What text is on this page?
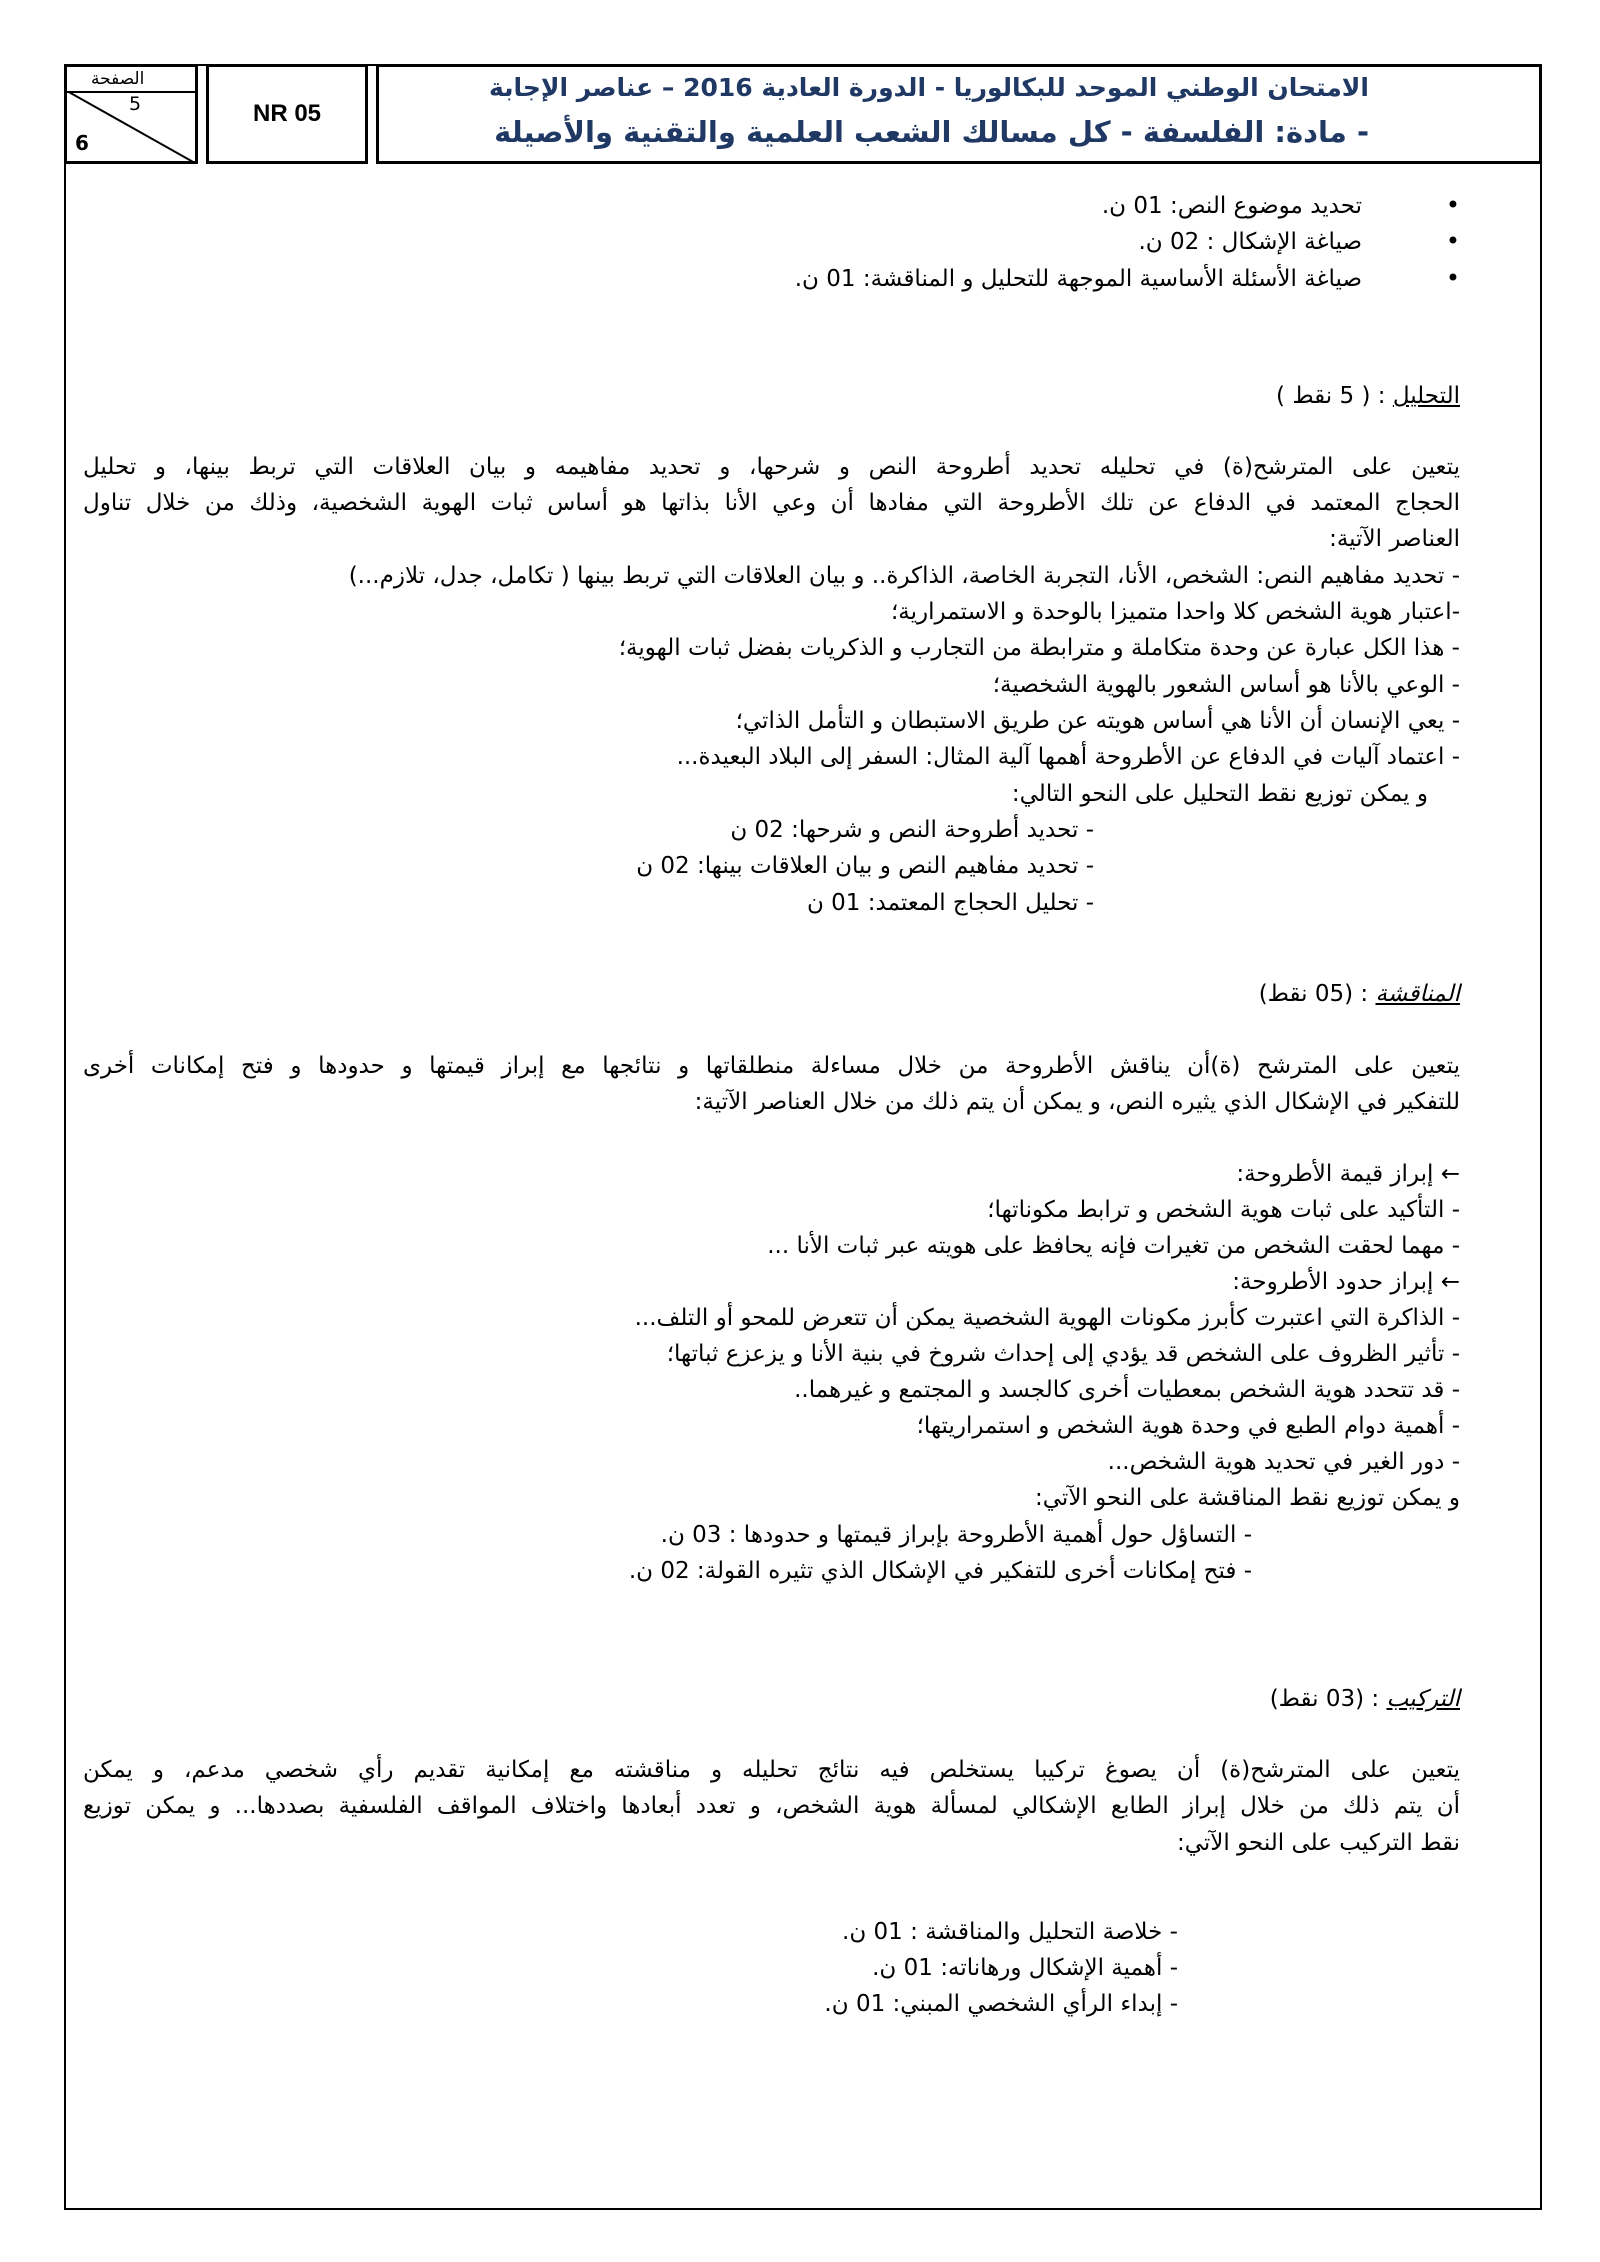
الصفحة
5
6
NR 05
الامتحان الوطني الموحد للبكالوريا - الدورة العادية 2016 – عناصر الإجابة
- مادة: الفلسفة - كل مسالك الشعب العلمية والتقنية والأصيلة
• تحديد موضوع النص: 01 ن.
• صياغة الإشكال : 02 ن.
• صياغة الأسئلة الأساسية الموجهة للتحليل و المناقشة: 01 ن.
التحليل : ( 5 نقط )
يتعين على المترشح(ة) في تحليله تحديد أطروحة النص و شرحها، و تحديد مفاهيمه و بيان العلاقات التي تربط بينها، و تحليل
الحجاج المعتمد في الدفاع عن تلك الأطروحة التي مفادها أن وعي الأنا بذاتها هو أساس ثبات الهوية الشخصية، وذلك من خلال تناول
العناصر الآتية:
- تحديد مفاهيم النص: الشخص، الأنا، التجربة الخاصة، الذاكرة.. و بيان العلاقات التي تربط بينها ( تكامل، جدل، تلازم...)
-اعتبار هوية الشخص كلا واحدا متميزا بالوحدة و الاستمرارية؛
- هذا الكل عبارة عن وحدة متكاملة و مترابطة من التجارب و الذكريات بفضل ثبات الهوية؛
- الوعي بالأنا هو أساس الشعور بالهوية الشخصية؛
- يعي الإنسان أن الأنا هي أساس هويته عن طريق الاستبطان و التأمل الذاتي؛
- اعتماد آليات في الدفاع عن الأطروحة أهمها آلية المثال: السفر إلى البلاد البعيدة...
و يمكن توزيع نقط التحليل على النحو التالي:
- تحديد أطروحة النص و شرحها: 02 ن
- تحديد مفاهيم النص و بيان العلاقات بينها: 02 ن
- تحليل الحجاج المعتمد: 01 ن
المناقشة : (05 نقط)
يتعين على المترشح (ة)أن يناقش الأطروحة من خلال مساءلة منطلقاتها و نتائجها مع إبراز قيمتها و حدودها و فتح إمكانات أخرى
للتفكير في الإشكال الذي يثيره النص، و يمكن أن يتم ذلك من خلال العناصر الآتية:
← إبراز قيمة الأطروحة:
- التأكيد على ثبات هوية الشخص و ترابط مكوناتها؛
- مهما لحقت الشخص من تغيرات فإنه يحافظ على هويته عبر ثبات الأنا ...
← إبراز حدود الأطروحة:
- الذاكرة التي اعتبرت كأبرز مكونات الهوية الشخصية يمكن أن تتعرض للمحو أو التلف...
- تأثير الظروف على الشخص قد يؤدي إلى إحداث شروخ في بنية الأنا و يزعزع ثباتها؛
- قد تتحدد هوية الشخص بمعطيات أخرى كالجسد و المجتمع و غيرهما..
- أهمية دوام الطبع في وحدة هوية الشخص و استمراريتها؛
- دور الغير في تحديد هوية الشخص...
و يمكن توزيع نقط المناقشة على النحو الآتي:
- التساؤل حول أهمية الأطروحة بإبراز قيمتها و حدودها : 03 ن.
- فتح إمكانات أخرى للتفكير في الإشكال الذي تثيره القولة: 02 ن.
التركيب : (03 نقط)
يتعين على المترشح(ة) أن يصوغ تركيبا يستخلص فيه نتائج تحليله و مناقشته مع إمكانية تقديم رأي شخصي مدعم، و يمكن
أن يتم ذلك من خلال إبراز الطابع الإشكالي لمسألة هوية الشخص، و تعدد أبعادها واختلاف المواقف الفلسفية بصددها... و يمكن توزيع
نقط التركيب على النحو الآتي:
- خلاصة التحليل والمناقشة : 01 ن.
- أهمية الإشكال ورهاناته: 01 ن.
- إبداء الرأي الشخصي المبني: 01 ن.
